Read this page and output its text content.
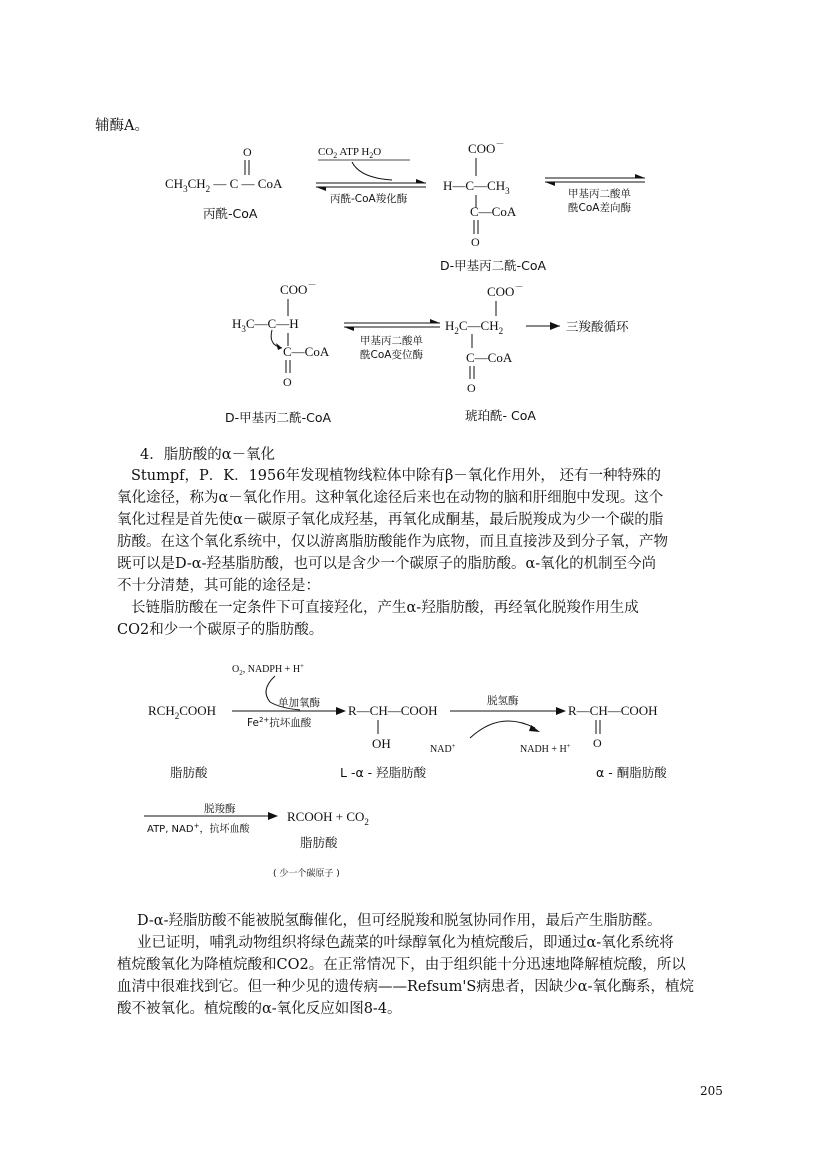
辅酶A。
O
$CH_3CH_2$ — C — CoA
丙酰-CoA
$CO_2$ ATP $H_2O$
丙酰-CoA羧化酶
COO－
$H—C—CH_3$
C—CoA
O
D-甲基丙二酰-CoA
甲基丙二酸单
酰CoA差向酶
COO－
$H_3C—C—H$
C—CoA
O
D-甲基丙二酰-CoA
甲基丙二酸单
酰CoA变位酶
COO－
$H_2C—CH_2$
C—CoA
O
琥珀酰- CoA
三羧酸循环
4．脂肪酸的α－氧化

Stumpf，P．K．1956年发现植物线粒体中除有β－氧化作用外， 还有一种特殊的

氧化途径，称为α－氧化作用。这种氧化途径后来也在动物的脑和肝细胞中发现。这个

氧化过程是首先使α－碳原子氧化成羟基，再氧化成酮基，最后脱羧成为少一个碳的脂

肪酸。在这个氧化系统中，仅以游离脂肪酸能作为底物，而且直接涉及到分子氧，产物

既可以是D-α-羟基脂肪酸，也可以是含少一个碳原子的脂肪酸。α-氧化的机制至今尚

不十分清楚，其可能的途径是：

长链脂肪酸在一定条件下可直接羟化，产生α-羟脂肪酸，再经氧化脱羧作用生成

CO2和少一个碳原子的脂肪酸。

$O_2$, NADPH + H+
单加氧酶
$RCH_2COOH$
$Fe^{2+}$抗坏血酸
R—CH—COOH
OH
脱氢酶
NAD+	NADH + H+
R—CH—COOH
O
脂肪酸	L -α - 羟脂肪酸	α - 酮脂肪酸
脱羧酶
ATP, NAD+，抗坏血酸
RCOOH + $CO_2$
脂肪酸
( 少一个碳原子 )

D-α-羟脂肪酸不能被脱氢酶催化，但可经脱羧和脱氢协同作用，最后产生脂肪醛。

业已证明，哺乳动物组织将绿色蔬菜的叶绿醇氧化为植烷酸后，即通过α-氧化系统将

植烷酸氧化为降植烷酸和CO2。在正常情况下，由于组织能十分迅速地降解植烷酸，所以

血清中很难找到它。但一种少见的遗传病——Refsum'S病患者，因缺少α-氧化酶系，植烷

酸不被氧化。植烷酸的α-氧化反应如图8-4。

205
